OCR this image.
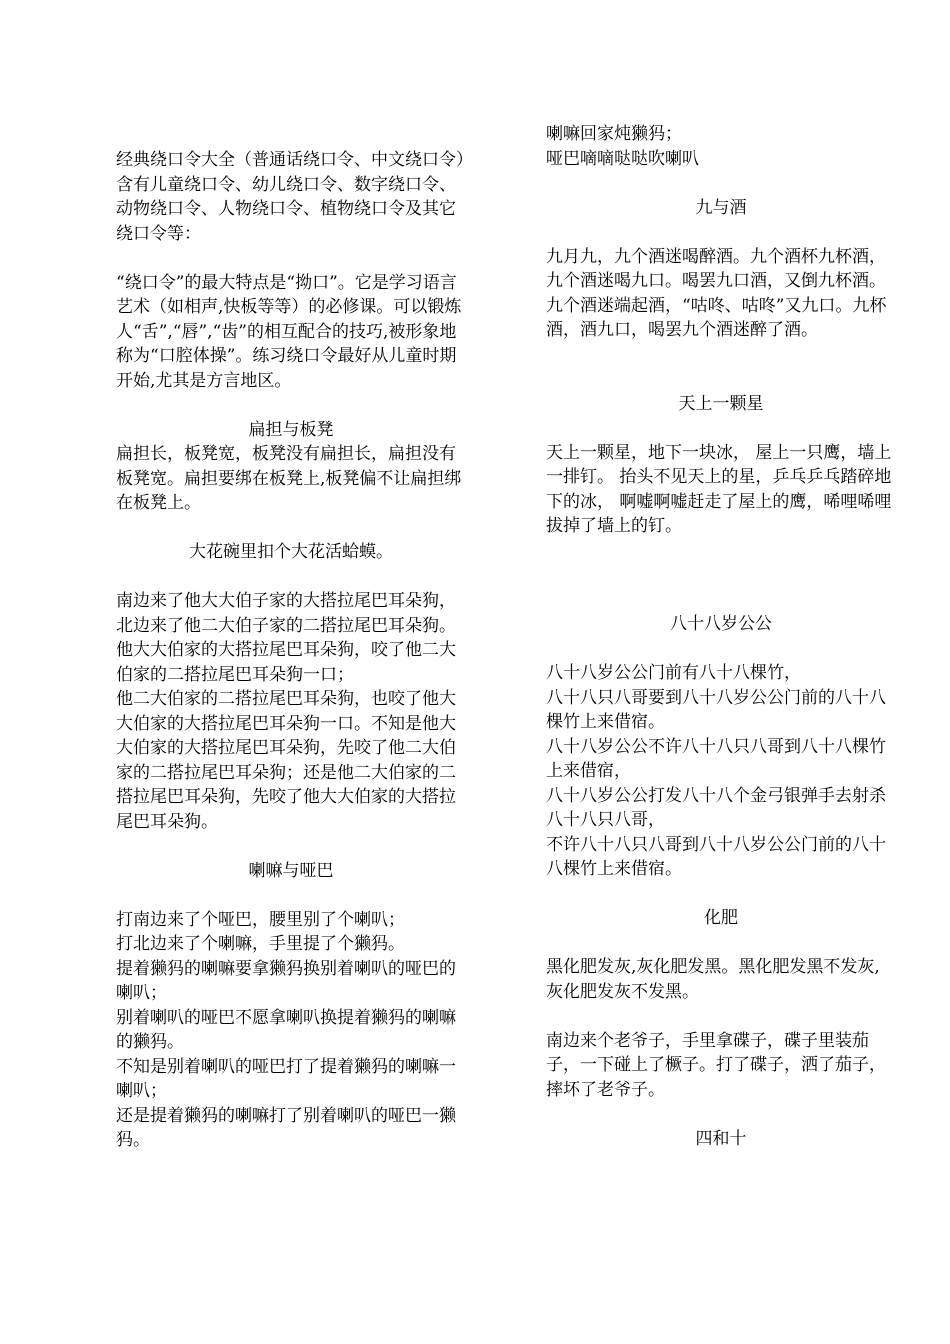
经典绕口令大全（普通话绕口令、中文绕口令）含有儿童绕口令、幼儿绕口令、数字绕口令、动物绕口令、人物绕口令、植物绕口令及其它绕口令等：

“绕口令”的最大特点是“拗口”。它是学习语言艺术（如相声,快板等等）的必修课。可以锻炼人“舌”,“唇”,“齿”的相互配合的技巧,被形象地称为“口腔体操”。练习绕口令最好从儿童时期开始,尤其是方言地区。

扁担与板凳

扁担长，板凳宽，板凳没有扁担长，扁担没有板凳宽。扁担要绑在板凳上,板凳偏不让扁担绑在板凳上。

大花碗里扣个大花活蛤蟆。

南边来了他大大伯子家的大搭拉尾巴耳朵狗，

北边来了他二大伯子家的二搭拉尾巴耳朵狗。

他大大伯家的大搭拉尾巴耳朵狗，咬了他二大伯家的二搭拉尾巴耳朵狗一口；

他二大伯家的二搭拉尾巴耳朵狗，也咬了他大大伯家的大搭拉尾巴耳朵狗一口。不知是他大大伯家的大搭拉尾巴耳朵狗，先咬了他二大伯家的二搭拉尾巴耳朵狗；还是他二大伯家的二搭拉尾巴耳朵狗，先咬了他大大伯家的大搭拉尾巴耳朵狗。

喇嘛与哑巴

打南边来了个哑巴，腰里别了个喇叭；

打北边来了个喇嘛，手里提了个獭犸。

提着獭犸的喇嘛要拿獭犸换别着喇叭的哑巴的喇叭；

别着喇叭的哑巴不愿拿喇叭换提着獭犸的喇嘛的獭犸。

不知是别着喇叭的哑巴打了提着獭犸的喇嘛一喇叭；

还是提着獭犸的喇嘛打了别着喇叭的哑巴一獭犸。

喇嘛回家炖獭犸；

哑巴嘀嘀哒哒吹喇叭

九与酒

九月九，九个酒迷喝醉酒。九个酒杯九杯酒，九个酒迷喝九口。喝罢九口酒，又倒九杯酒。九个酒迷端起酒，“咕咚、咕咚”又九口。九杯酒，酒九口，喝罢九个酒迷醉了酒。

天上一颗星

天上一颗星，地下一块冰， 屋上一只鹰，墙上一排钉。 抬头不见天上的星，乒乓乒乓踏碎地下的冰， 啊嘘啊嘘赶走了屋上的鹰，唏哩唏哩拔掉了墙上的钉。

八十八岁公公

八十八岁公公门前有八十八棵竹，

八十八只八哥要到八十八岁公公门前的八十八棵竹上来借宿。

八十八岁公公不许八十八只八哥到八十八棵竹上来借宿，

八十八岁公公打发八十八个金弓银弹手去射杀八十八只八哥，

不许八十八只八哥到八十八岁公公门前的八十八棵竹上来借宿。

化肥

黑化肥发灰,灰化肥发黑。黑化肥发黑不发灰,灰化肥发灰不发黑。

南边来个老爷子，手里拿碟子，碟子里装茄子，一下碰上了橛子。打了碟子，洒了茄子，摔坏了老爷子。

四和十
